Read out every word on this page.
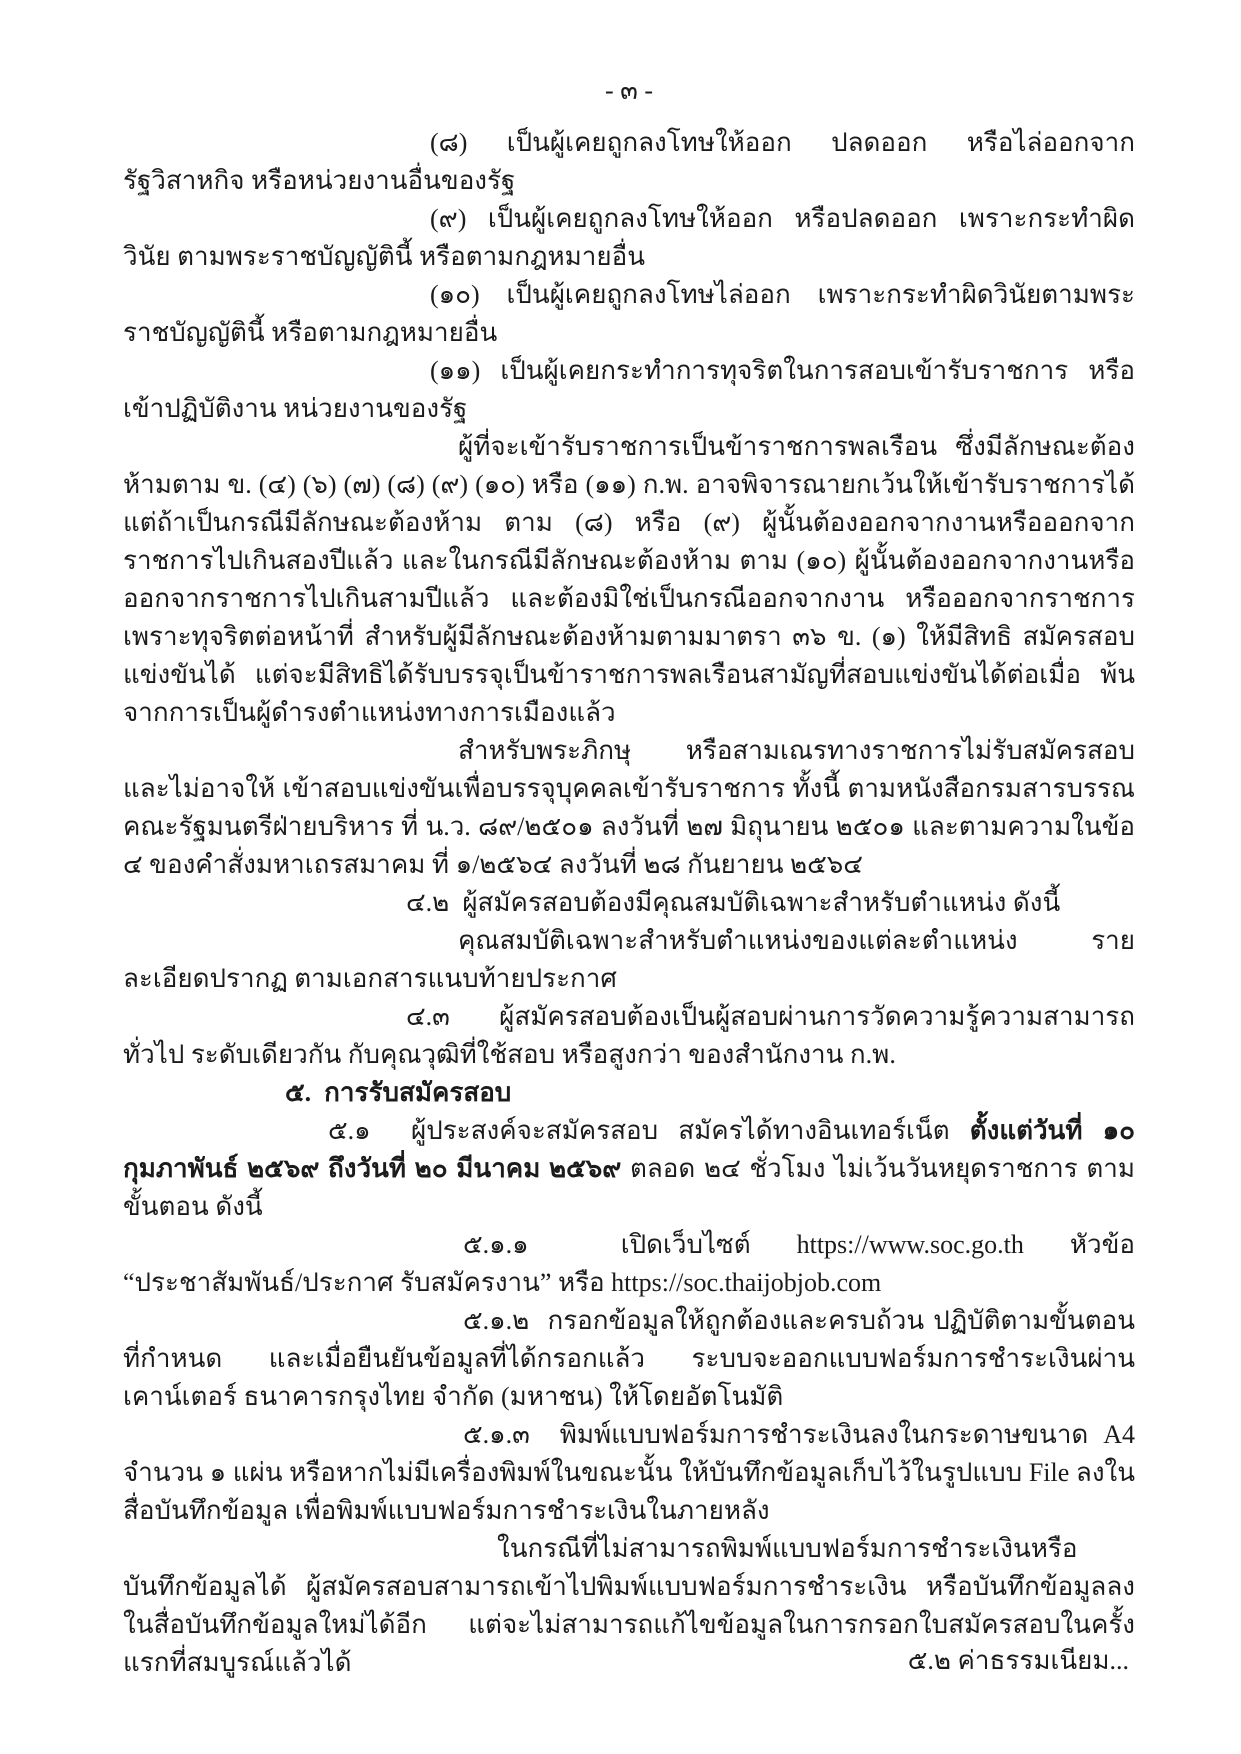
- ๓ -

(๘) เป็นผู้เคยถูกลงโทษให้ออก ปลดออก หรือไล่ออกจากรัฐวิสาหกิจ หรือหน่วยงานอื่นของรัฐ

(๙) เป็นผู้เคยถูกลงโทษให้ออก หรือปลดออก เพราะกระทำผิดวินัย ตามพระราชบัญญัตินี้ หรือตามกฎหมายอื่น

(๑๐) เป็นผู้เคยถูกลงโทษไล่ออก เพราะกระทำผิดวินัยตามพระราชบัญญัตินี้ หรือตามกฎหมายอื่น

(๑๑) เป็นผู้เคยกระทำการทุจริตในการสอบเข้ารับราชการ หรือเข้าปฏิบัติงาน หน่วยงานของรัฐ

ผู้ที่จะเข้ารับราชการเป็นข้าราชการพลเรือน ซึ่งมีลักษณะต้องห้ามตาม ข. (๔) (๖) (๗) (๘) (๙) (๑๐) หรือ (๑๑) ก.พ. อาจพิจารณายกเว้นให้เข้ารับราชการได้ แต่ถ้าเป็นกรณีมีลักษณะต้องห้าม ตาม (๘) หรือ (๙) ผู้นั้นต้องออกจากงานหรือออกจากราชการไปเกินสองปีแล้ว และในกรณีมีลักษณะต้องห้าม ตาม (๑๐) ผู้นั้นต้องออกจากงานหรือออกจากราชการไปเกินสามปีแล้ว และต้องมิใช่เป็นกรณีออกจากงาน หรือออกจากราชการเพราะทุจริตต่อหน้าที่ สำหรับผู้มีลักษณะต้องห้ามตามมาตรา ๓๖ ข. (๑) ให้มีสิทธิ สมัครสอบแข่งขันได้ แต่จะมีสิทธิได้รับบรรจุเป็นข้าราชการพลเรือนสามัญที่สอบแข่งขันได้ต่อเมื่อ พ้นจากการเป็นผู้ดำรงตำแหน่งทางการเมืองแล้ว

สำหรับพระภิกษุ หรือสามเณรทางราชการไม่รับสมัครสอบ และไม่อาจให้ เข้าสอบแข่งขันเพื่อบรรจุบุคคลเข้ารับราชการ ทั้งนี้ ตามหนังสือกรมสารบรรณคณะรัฐมนตรีฝ่ายบริหาร ที่ น.ว. ๘๙/๒๕๐๑ ลงวันที่ ๒๗ มิถุนายน ๒๕๐๑ และตามความในข้อ ๔ ของคำสั่งมหาเถรสมาคม ที่ ๑/๒๕๖๔ ลงวันที่ ๒๘ กันยายน ๒๕๖๔

๔.๒  ผู้สมัครสอบต้องมีคุณสมบัติเฉพาะสำหรับตำแหน่ง ดังนี้

คุณสมบัติเฉพาะสำหรับตำแหน่งของแต่ละตำแหน่ง รายละเอียดปรากฏ ตามเอกสารแนบท้ายประกาศ

๔.๓  ผู้สมัครสอบต้องเป็นผู้สอบผ่านการวัดความรู้ความสามารถทั่วไป ระดับเดียวกัน กับคุณวุฒิที่ใช้สอบ หรือสูงกว่า ของสำนักงาน ก.พ.

๕.  การรับสมัครสอบ

๕.๑  ผู้ประสงค์จะสมัครสอบ สมัครได้ทางอินเทอร์เน็ต ตั้งแต่วันที่ ๑๐ กุมภาพันธ์ ๒๕๖๙ ถึงวันที่ ๒๐ มีนาคม ๒๕๖๙ ตลอด ๒๔ ชั่วโมง ไม่เว้นวันหยุดราชการ ตามขั้นตอน ดังนี้

๕.๑.๑  เปิดเว็บไซต์ https://www.soc.go.th หัวข้อ “ประชาสัมพันธ์/ประกาศ รับสมัครงาน” หรือ https://soc.thaijobjob.com

๕.๑.๒  กรอกข้อมูลให้ถูกต้องและครบถ้วน ปฏิบัติตามขั้นตอนที่กำหนด และเมื่อยืนยันข้อมูลที่ได้กรอกแล้ว ระบบจะออกแบบฟอร์มการชำระเงินผ่านเคาน์เตอร์ ธนาคารกรุงไทย จำกัด (มหาชน) ให้โดยอัตโนมัติ

๕.๑.๓  พิมพ์แบบฟอร์มการชำระเงินลงในกระดาษขนาด A4 จำนวน ๑ แผ่น หรือหากไม่มีเครื่องพิมพ์ในขณะนั้น ให้บันทึกข้อมูลเก็บไว้ในรูปแบบ File ลงในสื่อบันทึกข้อมูล เพื่อพิมพ์แบบฟอร์มการชำระเงินในภายหลัง

ในกรณีที่ไม่สามารถพิมพ์แบบฟอร์มการชำระเงินหรือบันทึกข้อมูลได้ ผู้สมัครสอบสามารถเข้าไปพิมพ์แบบฟอร์มการชำระเงิน หรือบันทึกข้อมูลลงในสื่อบันทึกข้อมูลใหม่ได้อีก แต่จะไม่สามารถแก้ไขข้อมูลในการกรอกใบสมัครสอบในครั้งแรกที่สมบูรณ์แล้วได้	๕.๒ ค่าธรรมเนียม...
